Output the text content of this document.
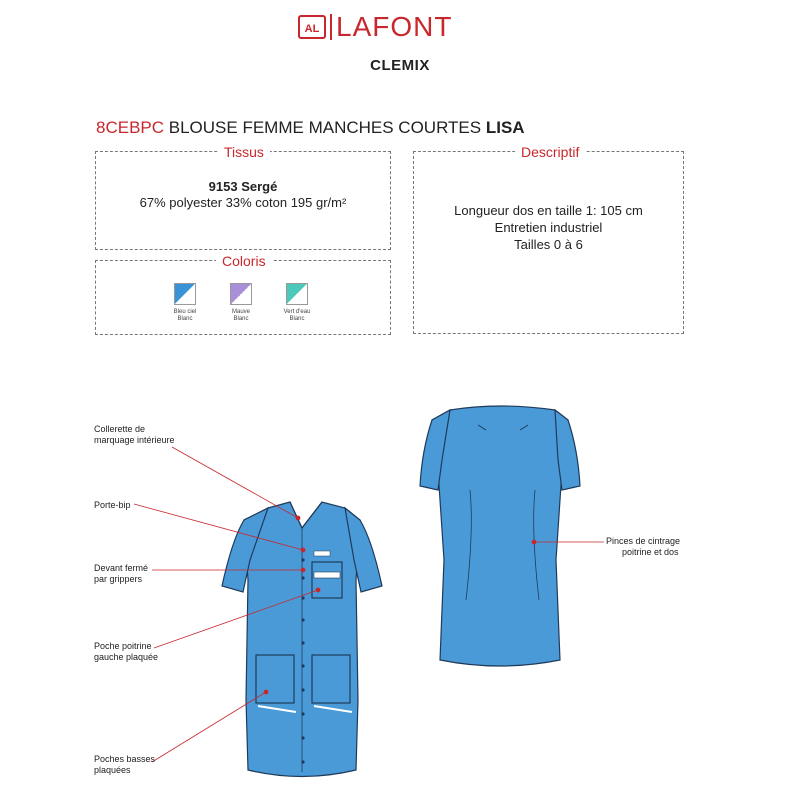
AL LAFONT
CLEMIX
8CEBPC BLOUSE FEMME MANCHES COURTES LISA
Tissus
9153 Sergé
67% polyester 33% coton 195 gr/m²
Coloris
Bleu ciel
Blanc
Mauve
Blanc
Vert d'eau
Blanc
Descriptif
Longueur dos en taille 1: 105 cm
Entretien industriel
Tailles 0 à 6
Collerette de
marquage intérieure
Porte-bip
Devant fermé
par grippers
Poche poitrine
gauche plaquée
Poches basses
plaquées
Pinces de cintrage
poitrine et dos
